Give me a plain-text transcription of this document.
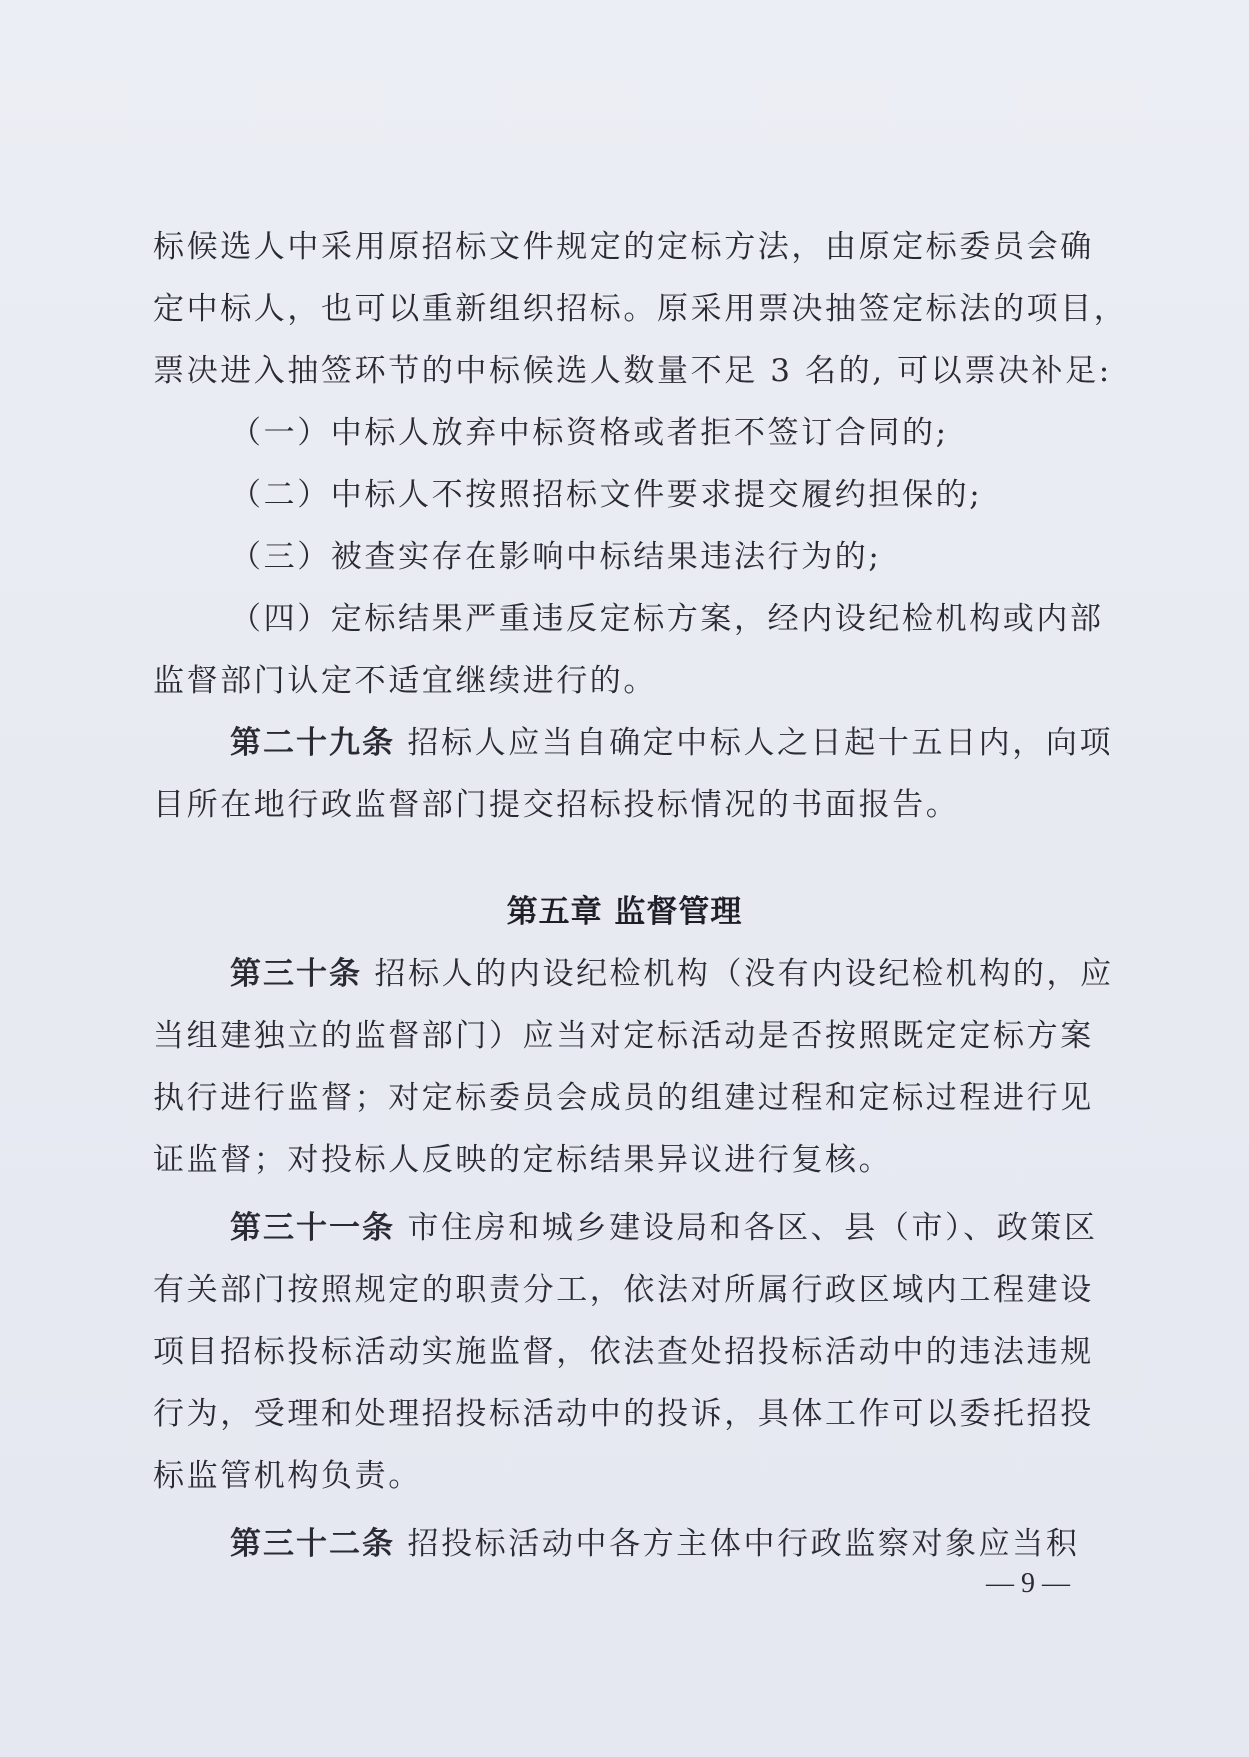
标候选人中采用原招标文件规定的定标方法，由原定标委员会确
定中标人，也可以重新组织招标。原采用票决抽签定标法的项目，
票决进入抽签环节的中标候选人数量不足 3 名的, 可以票决补足:
（一）中标人放弃中标资格或者拒不签订合同的;
（二）中标人不按照招标文件要求提交履约担保的;
（三）被查实存在影响中标结果违法行为的;
（四）定标结果严重违反定标方案，经内设纪检机构或内部
监督部门认定不适宜继续进行的。
第二十九条 招标人应当自确定中标人之日起十五日内，向项
目所在地行政监督部门提交招标投标情况的书面报告。
第五章 监督管理
第三十条 招标人的内设纪检机构（没有内设纪检机构的，应
当组建独立的监督部门）应当对定标活动是否按照既定定标方案
执行进行监督；对定标委员会成员的组建过程和定标过程进行见
证监督；对投标人反映的定标结果异议进行复核。
第三十一条 市住房和城乡建设局和各区、县（市）、政策区
有关部门按照规定的职责分工，依法对所属行政区域内工程建设
项目招标投标活动实施监督，依法查处招投标活动中的违法违规
行为，受理和处理招投标活动中的投诉，具体工作可以委托招投
标监管机构负责。
第三十二条 招投标活动中各方主体中行政监察对象应当积
— 9 —
